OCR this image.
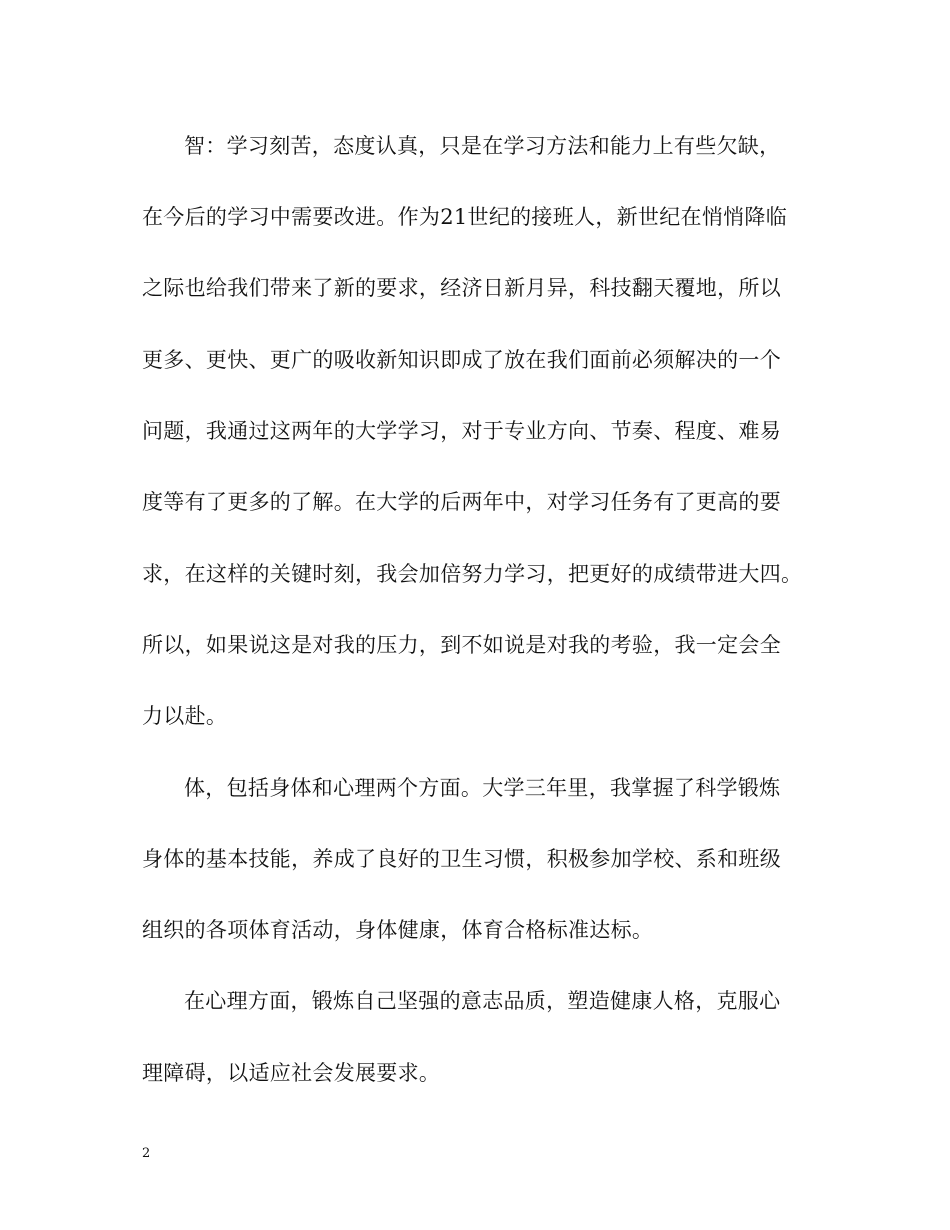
智：学习刻苦，态度认真，只是在学习方法和能力上有些欠缺，
在今后的学习中需要改进。作为21世纪的接班人，新世纪在悄悄降临
之际也给我们带来了新的要求，经济日新月异，科技翻天覆地，所以
更多、更快、更广的吸收新知识即成了放在我们面前必须解决的一个
问题，我通过这两年的大学学习，对于专业方向、节奏、程度、难易
度等有了更多的了解。在大学的后两年中，对学习任务有了更高的要
求，在这样的关键时刻，我会加倍努力学习，把更好的成绩带进大四。
所以，如果说这是对我的压力，到不如说是对我的考验，我一定会全
力以赴。
体，包括身体和心理两个方面。大学三年里，我掌握了科学锻炼
身体的基本技能，养成了良好的卫生习惯，积极参加学校、系和班级
组织的各项体育活动，身体健康，体育合格标准达标。
在心理方面，锻炼自己坚强的意志品质，塑造健康人格，克服心
理障碍，以适应社会发展要求。
2
